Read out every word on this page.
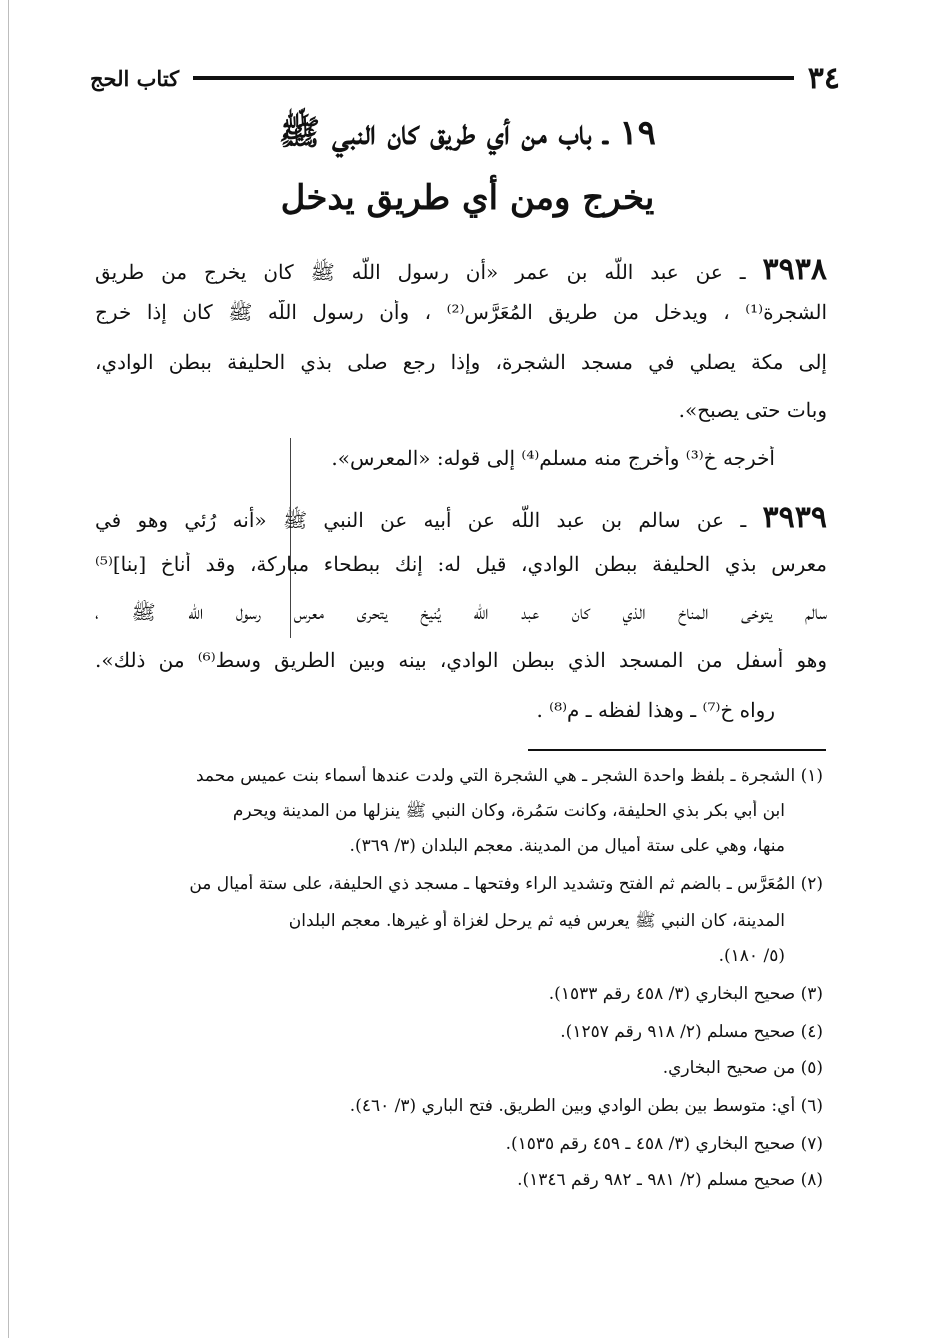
٣٤
كتاب الحج
١٩ ـ باب من أي طريق كان النبي ﷺ
يخرج ومن أي طريق يدخل
٣٩٣٨ ـ عن عبد اللّه بن عمر «أن رسول اللّه ﷺ كان يخرج من طريق
الشجرة⁽¹⁾ ، ويدخل من طريق المُعَرَّس⁽²⁾ ، وأن رسول اللّه ﷺ كان إذا خرج
إلى مكة يصلي في مسجد الشجرة، وإذا رجع صلى بذي الحليفة ببطن الوادي،
وبات حتى يصبح».
أخرجه خ⁽³⁾ وأخرج منه مسلم⁽⁴⁾ إلى قوله: «المعرس».
٣٩٣٩ ـ عن سالم بن عبد اللّه عن أبيه عن النبي ﷺ «أنه رُئي وهو في
معرس بذي الحليفة ببطن الوادي، قيل له: إنك ببطحاء مباركة، وقد أناخ [بنا]⁽⁵⁾
سالم يتوخى المناخ الذي كان عبد اللّه يُنيخ يتحرى معرس رسول اللّه ﷺ ،
وهو أسفل من المسجد الذي ببطن الوادي، بينه وبين الطريق وسط⁽⁶⁾ من ذلك».
رواه خ⁽⁷⁾ ـ وهذا لفظه ـ م⁽⁸⁾ .
(١) الشجرة ـ بلفظ واحدة الشجر ـ هي الشجرة التي ولدت عندها أسماء بنت عميس محمد
ابن أبي بكر بذي الحليفة، وكانت سَمُرة، وكان النبي ﷺ ينزلها من المدينة ويحرم
منها، وهي على ستة أميال من المدينة. معجم البلدان (٣/ ٣٦٩).
(٢) المُعَرَّس ـ بالضم ثم الفتح وتشديد الراء وفتحها ـ مسجد ذي الحليفة، على ستة أميال من
المدينة، كان النبي ﷺ يعرس فيه ثم يرحل لغزاة أو غيرها. معجم البلدان
(٥/ ١٨٠).
(٣) صحيح البخاري (٣/ ٤٥٨ رقم ١٥٣٣).
(٤) صحيح مسلم (٢/ ٩١٨ رقم ١٢٥٧).
(٥) من صحيح البخاري.
(٦) أي: متوسط بين بطن الوادي وبين الطريق. فتح الباري (٣/ ٤٦٠).
(٧) صحيح البخاري (٣/ ٤٥٨ ـ ٤٥٩ رقم ١٥٣٥).
(٨) صحيح مسلم (٢/ ٩٨١ ـ ٩٨٢ رقم ١٣٤٦).
